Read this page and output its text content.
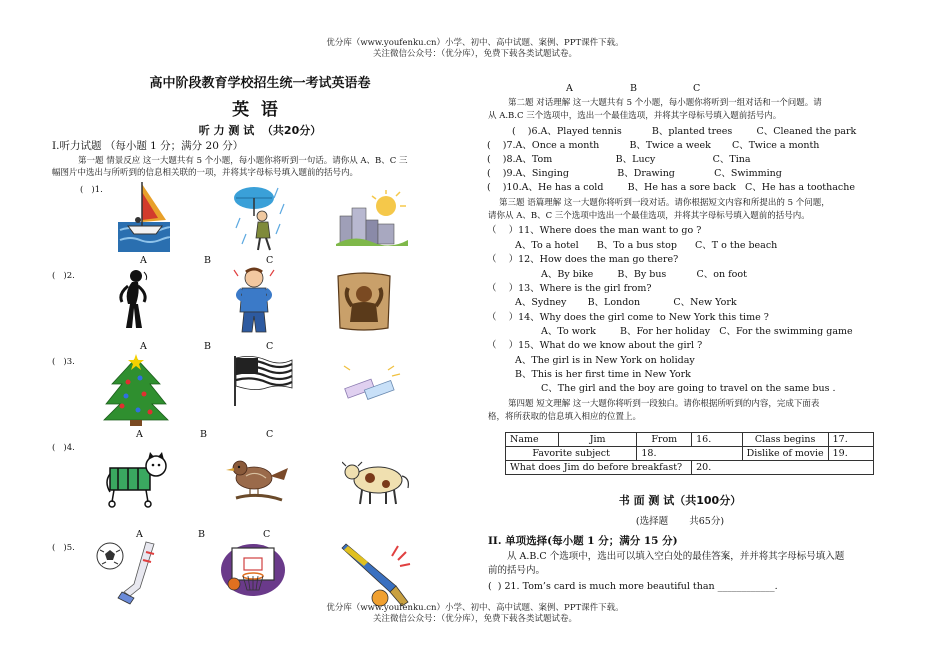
优分库（www.youfenku.cn）小学、初中、高中试题、案例、PPT课件下载。
关注微信公众号：（优分库），免费下载各类试题试卷。
高中阶段教育学校招生统一考试英语卷
英  语
听 力 测 试  （共20分）
I.听力试题 （每小题 1 分；满分 20 分）
第一题 情景反应 这一大题共有 5 个小题，每小题你将听到一句话。请你从 A、B、C 三
幅图片中选出与所听到的信息相关联的一项，并将其字母标号填入题前的括号内。
(   )1.
A	B	C
(   )2.
A	B	C
(   )3.
A	B	C
(   )4.
A	B	C
(   )5.
A	B	C
第二题 对话理解 这一大题共有 5 个小题，每小题你将听到一组对话和一个问题。请
从 A.B.C 三个选项中，选出一个最佳选项，并将其字母标号填入题前括号内。
(    )6.A、Played tennis          B、planted trees        C、Cleaned the park
(    )7.A、Once a month          B、Twice a week       C、Twice a month
(    )8.A、Tom                     B、Lucy                   C、Tina
(    )9.A、Singing                B、Drawing             C、Swimming
(    )10.A、He has a cold        B、He has a sore back   C、He has a toothache
第三题 语篇理解 这一大题你将听到一段对话。请你根据短文内容和所提出的 5 个问题，
请你从 A、B、C 三个选项中选出一个最佳选项，并将其字母标号填入题前的括号内。
（    ）11、Where does the man want to go ?
A、To a hotel      B、To a bus stop      C、T o the beach
（    ）12、How does the man go there?
A、By bike        B、By bus          C、on foot
（    ）13、Where is the girl from?
A、Sydney       B、London           C、New York
（    ）14、Why does the girl come to New York this time ?
A、To work        B、For her holiday   C、For the swimming game
（    ）15、What do we know about the girl ?
A、The girl is in New York on holiday
B、This is her first time in New York
C、The girl and the boy are going to travel on the same bus .
第四题 短文理解 这一大题你将听到一段独白。请你根据所听到的内容，完成下面表
格，将所获取的信息填入相应的位置上。
Name	Jim	From	16.	Class begins	17.
Favorite subject		18.		Dislike of movie	19.
What does Jim do before breakfast?			20.		
书 面 测 试（共100分）
(选择题       共65分)
II. 单项选择(每小题 1 分；满分 15 分)
从 A.B.C 个选项中，选出可以填入空白处的最佳答案，并并将其字母标号填入题
前的括号内。
(  ) 21. Tom’s card is much more beautiful than ____________.
优分库（www.youfenku.cn）小学、初中、高中试题、案例、PPT课件下载。
关注微信公众号：（优分库），免费下载各类试题试卷。
